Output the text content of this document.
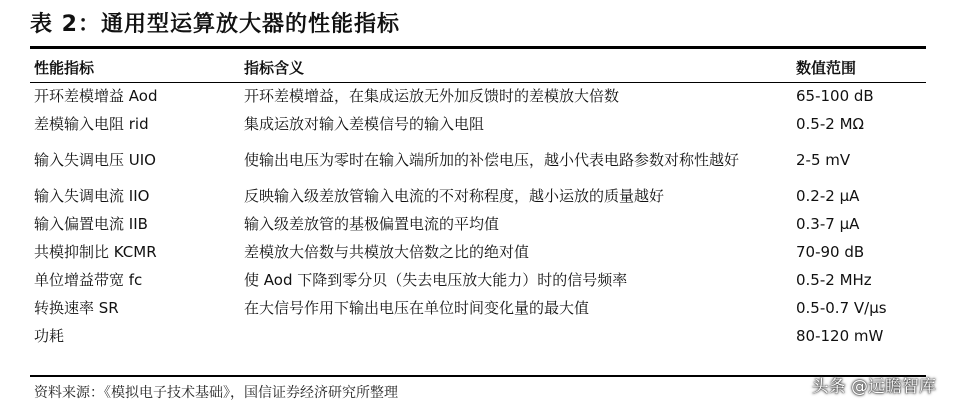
表 2：通用型运算放大器的性能指标
性能指标	指标含义	数值范围
开环差模增益 Aod	开环差模增益，在集成运放无外加反馈时的差模放大倍数	65-100 dB
差模输入电阻 rid	集成运放对输入差模信号的输入电阻	0.5-2 MΩ
输入失调电压 UIO	使输出电压为零时在输入端所加的补偿电压，越小代表电路参数对称性越好	2-5 mV
输入失调电流 IIO	反映输入级差放管输入电流的不对称程度，越小运放的质量越好	0.2-2 μA
输入偏置电流 IIB	输入级差放管的基极偏置电流的平均值	0.3-7 μA
共模抑制比 KCMR	差模放大倍数与共模放大倍数之比的绝对值	70-90 dB
单位增益带宽 fc	使 Aod 下降到零分贝（失去电压放大能力）时的信号频率	0.5-2 MHz
转换速率 SR	在大信号作用下输出电压在单位时间变化量的最大值	0.5-0.7 V/μs
功耗		80-120 mW
资料来源：《模拟电子技术基础》，国信证券经济研究所整理	头条 @远瞻智库
